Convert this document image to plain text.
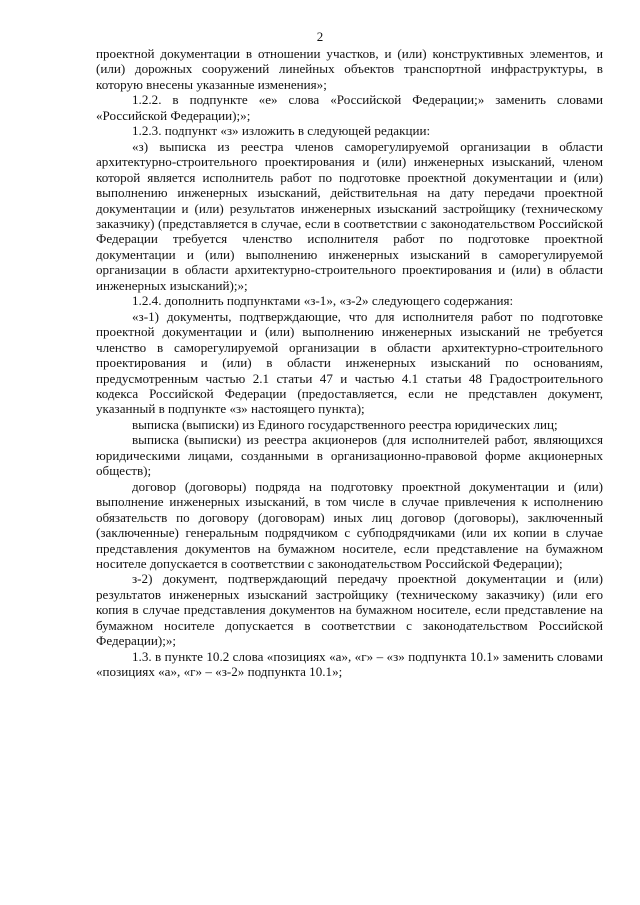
2

проектной документации в отношении участков, и (или) конструктивных элементов, и (или) дорожных сооружений линейных объектов транспортной инфраструктуры, в которую внесены указанные изменения»;

1.2.2. в подпункте «е» слова «Российской Федерации;» заменить словами «Российской Федерации);»;

1.2.3. подпункт «з» изложить в следующей редакции:

«з) выписка из реестра членов саморегулируемой организации в области архитектурно-строительного проектирования и (или) инженерных изысканий, членом которой является исполнитель работ по подготовке проектной документации и (или) выполнению инженерных изысканий, действительная на дату передачи проектной документации и (или) результатов инженерных изысканий застройщику (техническому заказчику) (представляется в случае, если в соответствии с законодательством Российской Федерации требуется членство исполнителя работ по подготовке проектной документации и (или) выполнению инженерных изысканий в саморегулируемой организации в области архитектурно-строительного проектирования и (или) в области инженерных изысканий);»;

1.2.4. дополнить подпунктами «з-1», «з-2» следующего содержания:

«з-1) документы, подтверждающие, что для исполнителя работ по подготовке проектной документации и (или) выполнению инженерных изысканий не требуется членство в саморегулируемой организации в области архитектурно-строительного проектирования и (или) в области инженерных изысканий по основаниям, предусмотренным частью 2.1 статьи 47 и частью 4.1 статьи 48 Градостроительного кодекса Российской Федерации (предоставляется, если не представлен документ, указанный в подпункте «з» настоящего пункта);

выписка (выписки) из Единого государственного реестра юридических лиц;

выписка (выписки) из реестра акционеров (для исполнителей работ, являющихся юридическими лицами, созданными в организационно-правовой форме акционерных обществ);

договор (договоры) подряда на подготовку проектной документации и (или) выполнение инженерных изысканий, в том числе в случае привлечения к исполнению обязательств по договору (договорам) иных лиц договор (договоры), заключенный (заключенные) генеральным подрядчиком с субподрядчиками (или их копии в случае представления документов на бумажном носителе, если представление на бумажном носителе допускается в соответствии с законодательством Российской Федерации);

з-2) документ, подтверждающий передачу проектной документации и (или) результатов инженерных изысканий застройщику (техническому заказчику) (или его копия в случае представления документов на бумажном носителе, если представление на бумажном носителе допускается в соответствии с законодательством Российской Федерации);»;

1.3. в пункте 10.2 слова «позициях «а», «г» – «з» подпункта 10.1» заменить словами «позициях «а», «г» – «з-2» подпункта 10.1»;
